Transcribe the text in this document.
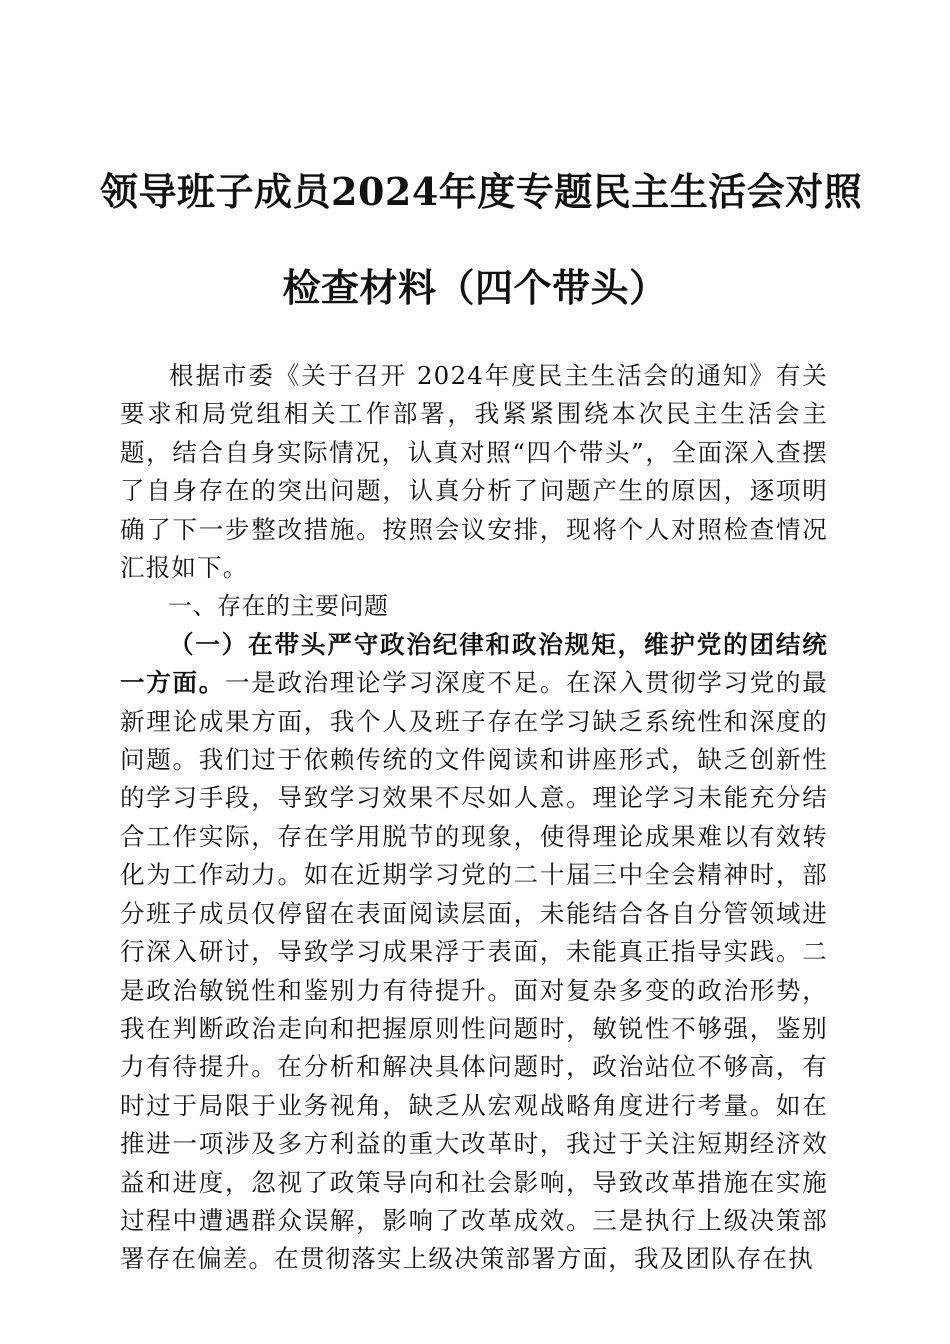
领导班子成员2024年度专题民主生活会对照
检查材料（四个带头）

根据市委《关于召开 2024年度民主生活会的通知》有关要求和局党组相关工作部署，我紧紧围绕本次民主生活会主题，结合自身实际情况，认真对照“四个带头”，全面深入查摆了自身存在的突出问题，认真分析了问题产生的原因，逐项明确了下一步整改措施。按照会议安排，现将个人对照检查情况汇报如下。

一、存在的主要问题

（一）在带头严守政治纪律和政治规矩，维护党的团结统一方面。一是政治理论学习深度不足。在深入贯彻学习党的最新理论成果方面，我个人及班子存在学习缺乏系统性和深度的问题。我们过于依赖传统的文件阅读和讲座形式，缺乏创新性的学习手段，导致学习效果不尽如人意。理论学习未能充分结合工作实际，存在学用脱节的现象，使得理论成果难以有效转化为工作动力。如在近期学习党的二十届三中全会精神时，部分班子成员仅停留在表面阅读层面，未能结合各自分管领域进行深入研讨，导致学习成果浮于表面，未能真正指导实践。二是政治敏锐性和鉴别力有待提升。面对复杂多变的政治形势，我在判断政治走向和把握原则性问题时，敏锐性不够强，鉴别力有待提升。在分析和解决具体问题时，政治站位不够高，有时过于局限于业务视角，缺乏从宏观战略角度进行考量。如在推进一项涉及多方利益的重大改革时，我过于关注短期经济效益和进度，忽视了政策导向和社会影响，导致改革措施在实施过程中遭遇群众误解，影响了改革成效。三是执行上级决策部署存在偏差。在贯彻落实上级决策部署方面，我及团队存在执
